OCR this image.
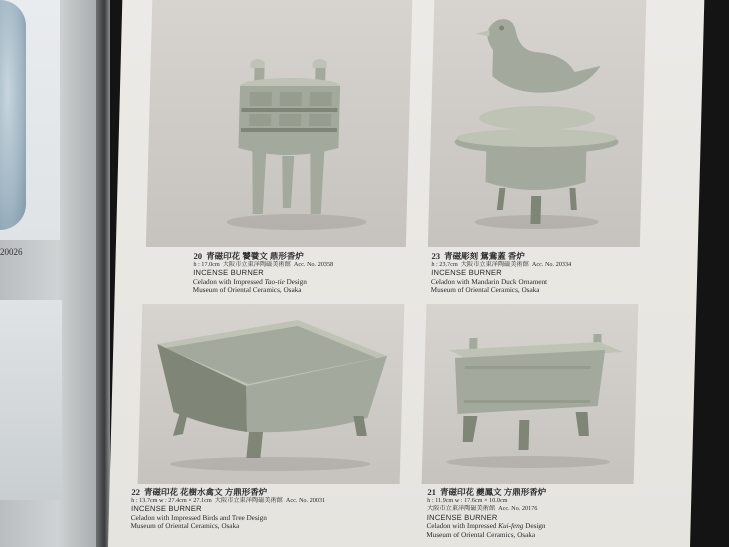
20026	20 青磁印花 饕餮文 鼎形香炉
h : 17.0cm 大阪市立東洋陶磁美術館 Acc. No. 20358
INCENSE BURNER
Celadon with Impressed Tao-tie Design
Museum of Oriental Ceramics, Osaka
23 青磁彫刻 鴛鴦蓋 香炉
h : 23.7cm 大阪市立東洋陶磁美術館 Acc. No. 20334
INCENSE BURNER
Celadon with Mandarin Duck Ornament
Museum of Oriental Ceramics, Osaka
22 青磁印花 花樹水禽文 方鼎形香炉
h : 13.7cm w : 27.4cm × 27.1cm 大阪市立東洋陶磁美術館 Acc. No. 20031
INCENSE BURNER
Celadon with Impressed Birds and Tree Design
Museum of Oriental Ceramics, Osaka
21 青磁印花 夔鳳文 方鼎形香炉
h : 11.9cm w : 17.6cm × 10.0cm
大阪市立東洋陶磁美術館 Acc. No. 20176
INCENSE BURNER
Celadon with Impressed Kui-feng Design
Museum of Oriental Ceramics, Osaka
